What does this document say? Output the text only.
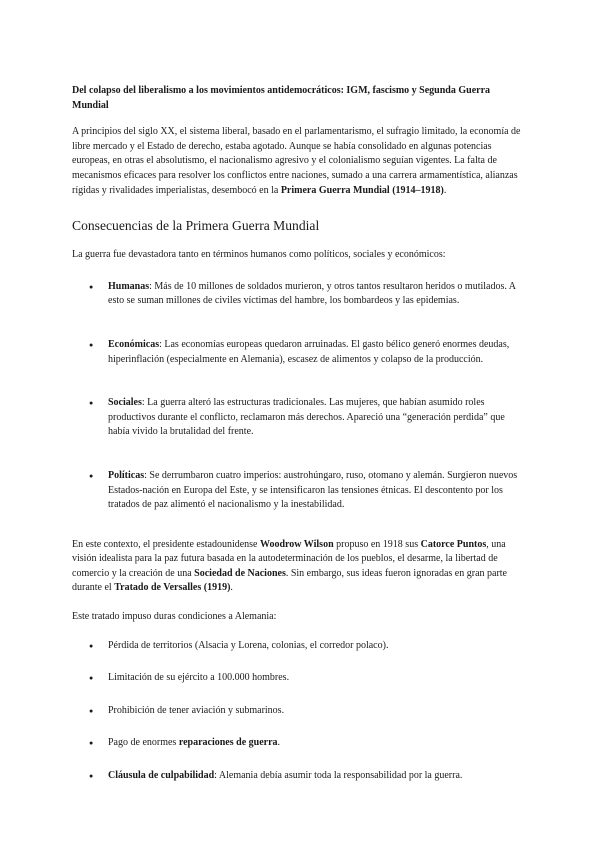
Del colapso del liberalismo a los movimientos antidemocráticos: IGM, fascismo y Segunda Guerra Mundial

A principios del siglo XX, el sistema liberal, basado en el parlamentarismo, el sufragio limitado, la economía de libre mercado y el Estado de derecho, estaba agotado. Aunque se había consolidado en algunas potencias europeas, en otras el absolutismo, el nacionalismo agresivo y el colonialismo seguían vigentes. La falta de mecanismos eficaces para resolver los conflictos entre naciones, sumado a una carrera armamentística, alianzas rígidas y rivalidades imperialistas, desembocó en la Primera Guerra Mundial (1914–1918).

Consecuencias de la Primera Guerra Mundial

La guerra fue devastadora tanto en términos humanos como políticos, sociales y económicos:

● Humanas: Más de 10 millones de soldados murieron, y otros tantos resultaron heridos o mutilados. A esto se suman millones de civiles víctimas del hambre, los bombardeos y las epidemias.
● Económicas: Las economías europeas quedaron arruinadas. El gasto bélico generó enormes deudas, hiperinflación (especialmente en Alemania), escasez de alimentos y colapso de la producción.
● Sociales: La guerra alteró las estructuras tradicionales. Las mujeres, que habían asumido roles productivos durante el conflicto, reclamaron más derechos. Apareció una “generación perdida” que había vivido la brutalidad del frente.
● Políticas: Se derrumbaron cuatro imperios: austrohúngaro, ruso, otomano y alemán. Surgieron nuevos Estados-nación en Europa del Este, y se intensificaron las tensiones étnicas. El descontento por los tratados de paz alimentó el nacionalismo y la inestabilidad.

En este contexto, el presidente estadounidense Woodrow Wilson propuso en 1918 sus Catorce Puntos, una visión idealista para la paz futura basada en la autodeterminación de los pueblos, el desarme, la libertad de comercio y la creación de una Sociedad de Naciones. Sin embargo, sus ideas fueron ignoradas en gran parte durante el Tratado de Versalles (1919).

Este tratado impuso duras condiciones a Alemania:

● Pérdida de territorios (Alsacia y Lorena, colonias, el corredor polaco).
● Limitación de su ejército a 100.000 hombres.
● Prohibición de tener aviación y submarinos.
● Pago de enormes reparaciones de guerra.
● Cláusula de culpabilidad: Alemania debía asumir toda la responsabilidad por la guerra.
